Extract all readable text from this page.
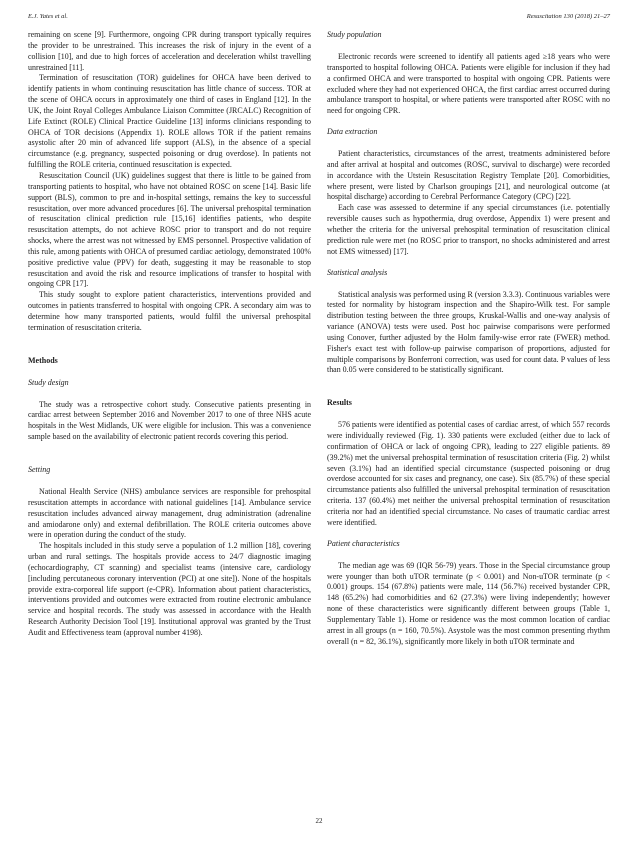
E.J. Yates et al.	Resuscitation 130 (2018) 21–27

remaining on scene [9]. Furthermore, ongoing CPR during transport typically requires the provider to be unrestrained. This increases the risk of injury in the event of a collision [10], and due to high forces of acceleration and deceleration whilst travelling unrestrained [11].

Termination of resuscitation (TOR) guidelines for OHCA have been derived to identify patients in whom continuing resuscitation has little chance of success. TOR at the scene of OHCA occurs in approximately one third of cases in England [12]. In the UK, the Joint Royal Colleges Ambulance Liaison Committee (JRCALC) Recognition of Life Extinct (ROLE) Clinical Practice Guideline [13] informs clinicians responding to OHCA of TOR decisions (Appendix 1). ROLE allows TOR if the patient remains asystolic after 20 min of advanced life support (ALS), in the absence of a special circumstance (e.g. pregnancy, suspected poisoning or drug overdose). In patients not fulfilling the ROLE criteria, continued resuscitation is expected.

Resuscitation Council (UK) guidelines suggest that there is little to be gained from transporting patients to hospital, who have not obtained ROSC on scene [14]. Basic life support (BLS), common to pre and in-hospital settings, remains the key to successful resuscitation, over more advanced procedures [6]. The universal prehospital termination of resuscitation clinical prediction rule [15,16] identifies patients, who despite resuscitation attempts, do not achieve ROSC prior to transport and do not require shocks, where the arrest was not witnessed by EMS personnel. Prospective validation of this rule, among patients with OHCA of presumed cardiac aetiology, demonstrated 100% positive predictive value (PPV) for death, suggesting it may be reasonable to stop resuscitation and avoid the risk and resource implications of transfer to hospital with ongoing CPR [17].

This study sought to explore patient characteristics, interventions provided and outcomes in patients transferred to hospital with ongoing CPR. A secondary aim was to determine how many transported patients, would fulfil the universal prehospital termination of resuscitation criteria.

Methods
Study design

The study was a retrospective cohort study. Consecutive patients presenting in cardiac arrest between September 2016 and November 2017 to one of three NHS acute hospitals in the West Midlands, UK were eligible for inclusion. This was a convenience sample based on the availability of electronic patient records covering this period.

Setting

National Health Service (NHS) ambulance services are responsible for prehospital resuscitation attempts in accordance with national guidelines [14]. Ambulance service resuscitation includes advanced airway management, drug administration (adrenaline and amiodarone only) and external defibrillation. The ROLE criteria outcomes above were in operation during the conduct of the study.

The hospitals included in this study serve a population of 1.2 million [18], covering urban and rural settings. The hospitals provide access to 24/7 diagnostic imaging (echocardiography, CT scanning) and specialist teams (intensive care, cardiology [including percutaneous coronary intervention (PCI) at one site]). None of the hospitals provide extra-corporeal life support (e-CPR). Information about patient characteristics, interventions provided and outcomes were extracted from routine electronic ambulance service and hospital records. The study was assessed in accordance with the Health Research Authority Decision Tool [19]. Institutional approval was granted by the Trust Audit and Effectiveness team (approval number 4198).

Study population

Electronic records were screened to identify all patients aged ≥18 years who were transported to hospital following OHCA. Patients were eligible for inclusion if they had a confirmed OHCA and were transported to hospital with ongoing CPR. Patients were excluded where they had not experienced OHCA, the first cardiac arrest occurred during ambulance transport to hospital, or where patients were transported after ROSC with no need for ongoing CPR.

Data extraction

Patient characteristics, circumstances of the arrest, treatments administered before and after arrival at hospital and outcomes (ROSC, survival to discharge) were recorded in accordance with the Utstein Resuscitation Registry Template [20]. Comorbidities, where present, were listed by Charlson groupings [21], and neurological outcome (at hospital discharge) according to Cerebral Performance Category (CPC) [22].

Each case was assessed to determine if any special circumstances (i.e. potentially reversible causes such as hypothermia, drug overdose, Appendix 1) were present and whether the criteria for the universal prehospital termination of resuscitation clinical prediction rule were met (no ROSC prior to transport, no shocks administered and arrest not EMS witnessed) [17].

Statistical analysis

Statistical analysis was performed using R (version 3.3.3). Continuous variables were tested for normality by histogram inspection and the Shapiro-Wilk test. For sample distribution testing between the three groups, Kruskal-Wallis and one-way analysis of variance (ANOVA) tests were used. Post hoc pairwise comparisons were performed using Conover, further adjusted by the Holm family-wise error rate (FWER) method. Fisher's exact test with follow-up pairwise comparison of proportions, adjusted for multiple comparisons by Bonferroni correction, was used for count data. P values of less than 0.05 were considered to be statistically significant.

Results

576 patients were identified as potential cases of cardiac arrest, of which 557 records were individually reviewed (Fig. 1). 330 patients were excluded (either due to lack of confirmation of OHCA or lack of ongoing CPR), leading to 227 eligible patients. 89 (39.2%) met the universal prehospital termination of resuscitation criteria (Fig. 2) whilst seven (3.1%) had an identified special circumstance (suspected poisoning or drug overdose accounted for six cases and pregnancy, one case). Six (85.7%) of these special circumstance patients also fulfilled the universal prehospital termination of resuscitation criteria. 137 (60.4%) met neither the universal prehospital termination of resuscitation criteria nor had an identified special circumstance. No cases of traumatic cardiac arrest were identified.

Patient characteristics

The median age was 69 (IQR 56-79) years. Those in the Special circumstance group were younger than both uTOR terminate (p < 0.001) and Non-uTOR terminate (p < 0.001) groups. 154 (67.8%) patients were male, 114 (56.7%) received bystander CPR, 148 (65.2%) had comorbidities and 62 (27.3%) were living independently; however none of these characteristics were significantly different between groups (Table 1, Supplementary Table 1). Home or residence was the most common location of cardiac arrest in all groups (n = 160, 70.5%). Asystole was the most common presenting rhythm overall (n = 82, 36.1%), significantly more likely in both uTOR terminate and

22
